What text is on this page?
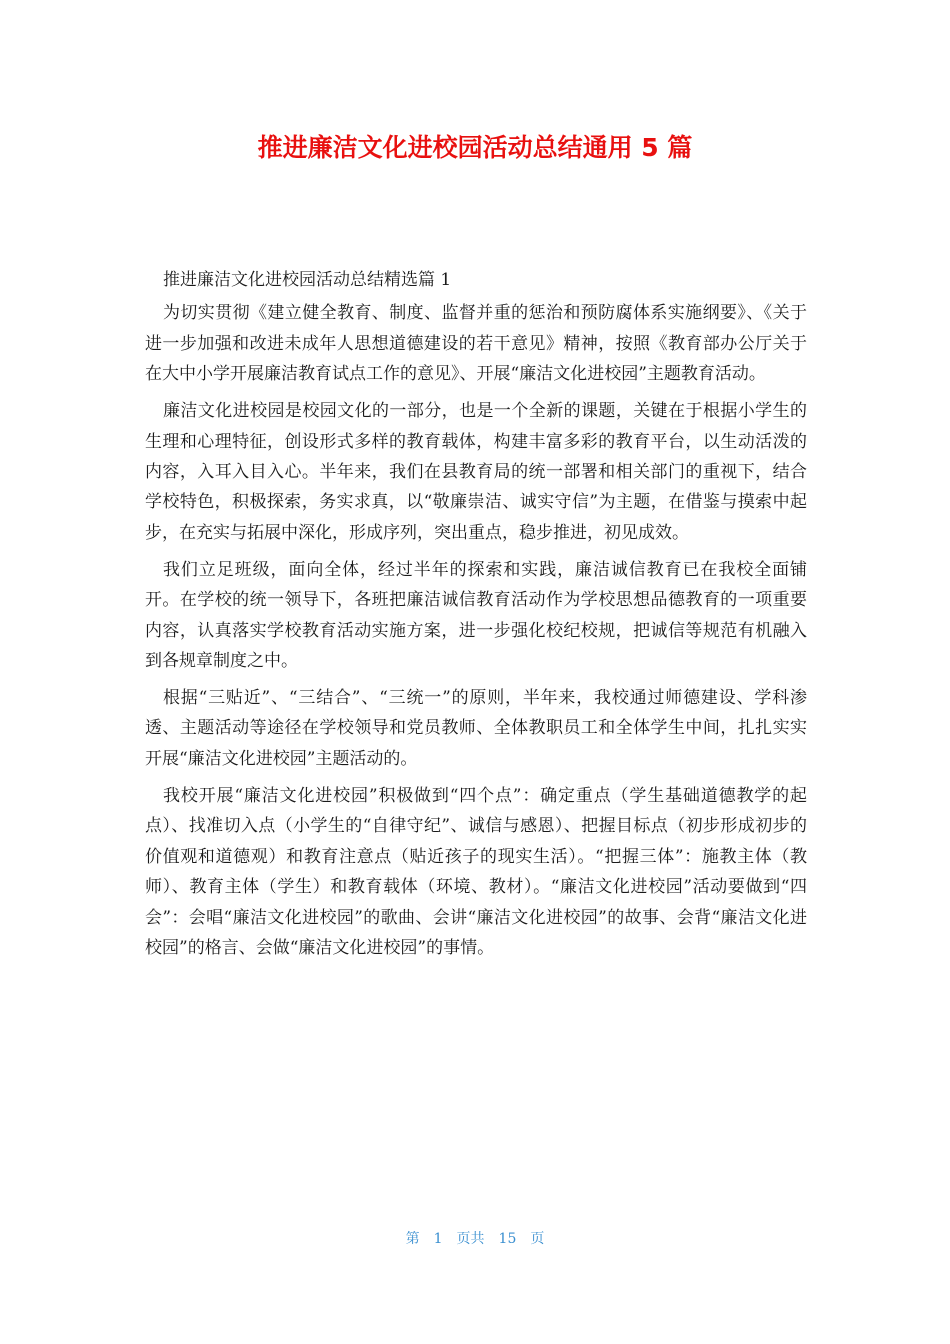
推进廉洁文化进校园活动总结通用 5 篇

推进廉洁文化进校园活动总结精选篇 1

为切实贯彻《建立健全教育、制度、监督并重的惩治和预防腐体系实施纲要》、《关于进一步加强和改进未成年人思想道德建设的若干意见》精神，按照《教育部办公厅关于在大中小学开展廉洁教育试点工作的意见》、开展“廉洁文化进校园”主题教育活动。

廉洁文化进校园是校园文化的一部分，也是一个全新的课题，关键在于根据小学生的生理和心理特征，创设形式多样的教育载体，构建丰富多彩的教育平台，以生动活泼的内容，入耳入目入心。半年来，我们在县教育局的统一部署和相关部门的重视下，结合学校特色，积极探索，务实求真，以“敬廉崇洁、诚实守信”为主题，在借鉴与摸索中起步，在充实与拓展中深化，形成序列，突出重点，稳步推进，初见成效。

我们立足班级，面向全体，经过半年的探索和实践，廉洁诚信教育已在我校全面铺开。在学校的统一领导下，各班把廉洁诚信教育活动作为学校思想品德教育的一项重要内容，认真落实学校教育活动实施方案，进一步强化校纪校规，把诚信等规范有机融入到各规章制度之中。

根据“三贴近”、“三结合”、“三统一”的原则，半年来，我校通过师德建设、学科渗透、主题活动等途径在学校领导和党员教师、全体教职员工和全体学生中间，扎扎实实开展“廉洁文化进校园”主题活动的。

我校开展“廉洁文化进校园”积极做到“四个点”：确定重点（学生基础道德教学的起点）、找准切入点（小学生的“自律守纪”、诚信与感恩）、把握目标点（初步形成初步的价值观和道德观）和教育注意点（贴近孩子的现实生活）。“把握三体”：施教主体（教师）、教育主体（学生）和教育载体（环境、教材）。“廉洁文化进校园”活动要做到“四会”：会唱“廉洁文化进校园”的歌曲、会讲“廉洁文化进校园”的故事、会背“廉洁文化进校园”的格言、会做“廉洁文化进校园”的事情。

第 1 页共 15 页
